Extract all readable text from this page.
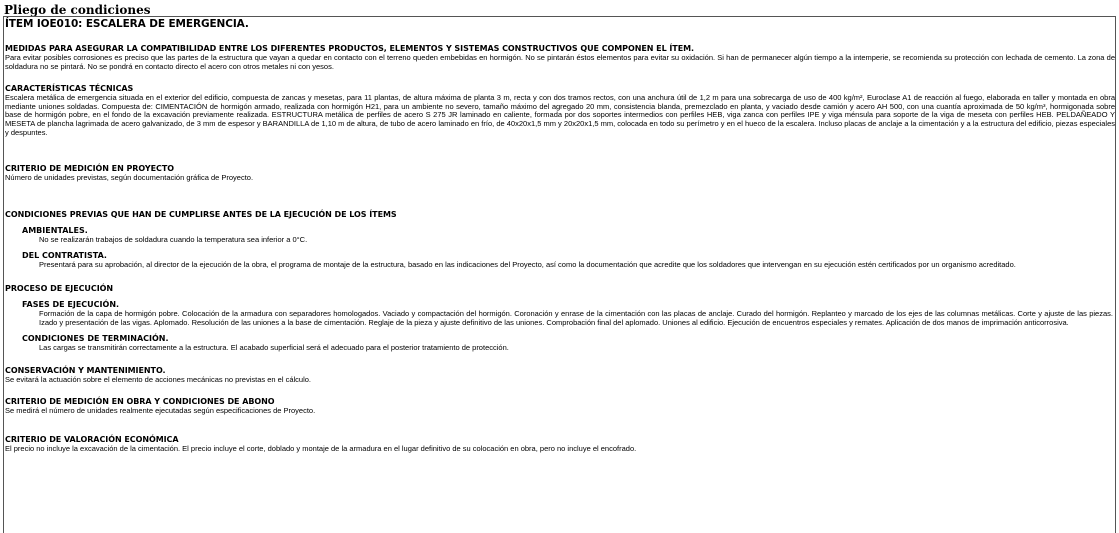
Pliego de condiciones
ÍTEM IOE010: ESCALERA DE EMERGENCIA.
MEDIDAS PARA ASEGURAR LA COMPATIBILIDAD ENTRE LOS DIFERENTES PRODUCTOS, ELEMENTOS Y SISTEMAS CONSTRUCTIVOS QUE COMPONEN EL ÍTEM.
Para evitar posibles corrosiones es preciso que las partes de la estructura que vayan a quedar en contacto con el terreno queden embebidas en hormigón. No se pintarán éstos elementos para evitar su oxidación. Si han de permanecer algún tiempo a la intemperie, se recomienda su protección con lechada de cemento. La zona de soldadura no se pintará. No se pondrá en contacto directo el acero con otros metales ni con yesos.
CARACTERÍSTICAS TÉCNICAS
Escalera metálica de emergencia situada en el exterior del edificio, compuesta de zancas y mesetas, para 11 plantas, de altura máxima de planta 3 m, recta y con dos tramos rectos, con una anchura útil de 1,2 m para una sobrecarga de uso de 400 kg/m², Euroclase A1 de reacción al fuego, elaborada en taller y montada en obra mediante uniones soldadas. Compuesta de: CIMENTACIÓN de hormigón armado, realizada con hormigón H21, para un ambiente no severo, tamaño máximo del agregado 20 mm, consistencia blanda, premezclado en planta, y vaciado desde camión y acero AH 500, con una cuantía aproximada de 50 kg/m³, hormigonada sobre base de hormigón pobre, en el fondo de la excavación previamente realizada. ESTRUCTURA metálica de perfiles de acero S 275 JR laminado en caliente, formada por dos soportes intermedios con perfiles HEB, viga zanca con perfiles IPE y viga ménsula para soporte de la viga de meseta con perfiles HEB. PELDAÑEADO Y MESETA de plancha lagrimada de acero galvanizado, de 3 mm de espesor y BARANDILLA de 1,10 m de altura, de tubo de acero laminado en frío, de 40x20x1,5 mm y 20x20x1,5 mm, colocada en todo su perímetro y en el hueco de la escalera. Incluso placas de anclaje a la cimentación y a la estructura del edificio, piezas especiales y despuntes.
CRITERIO DE MEDICIÓN EN PROYECTO
Número de unidades previstas, según documentación gráfica de Proyecto.
CONDICIONES PREVIAS QUE HAN DE CUMPLIRSE ANTES DE LA EJECUCIÓN DE LOS ÍTEMS
AMBIENTALES.
No se realizarán trabajos de soldadura cuando la temperatura sea inferior a 0°C.
DEL CONTRATISTA.
Presentará para su aprobación, al director de la ejecución de la obra, el programa de montaje de la estructura, basado en las indicaciones del Proyecto, así como la documentación que acredite que los soldadores que intervengan en su ejecución estén certificados por un organismo acreditado.
PROCESO DE EJECUCIÓN
FASES DE EJECUCIÓN.
Formación de la capa de hormigón pobre. Colocación de la armadura con separadores homologados. Vaciado y compactación del hormigón. Coronación y enrase de la cimentación con las placas de anclaje. Curado del hormigón. Replanteo y marcado de los ejes de las columnas metálicas. Corte y ajuste de las piezas. Izado y presentación de las vigas. Aplomado. Resolución de las uniones a la base de cimentación. Reglaje de la pieza y ajuste definitivo de las uniones. Comprobación final del aplomado. Uniones al edificio. Ejecución de encuentros especiales y remates. Aplicación de dos manos de imprimación anticorrosiva.
CONDICIONES DE TERMINACIÓN.
Las cargas se transmitirán correctamente a la estructura. El acabado superficial será el adecuado para el posterior tratamiento de protección.
CONSERVACIÓN Y MANTENIMIENTO.
Se evitará la actuación sobre el elemento de acciones mecánicas no previstas en el cálculo.
CRITERIO DE MEDICIÓN EN OBRA Y CONDICIONES DE ABONO
Se medirá el número de unidades realmente ejecutadas según especificaciones de Proyecto.
CRITERIO DE VALORACIÓN ECONÓMICA
El precio no incluye la excavación de la cimentación. El precio incluye el corte, doblado y montaje de la armadura en el lugar definitivo de su colocación en obra, pero no incluye el encofrado.
